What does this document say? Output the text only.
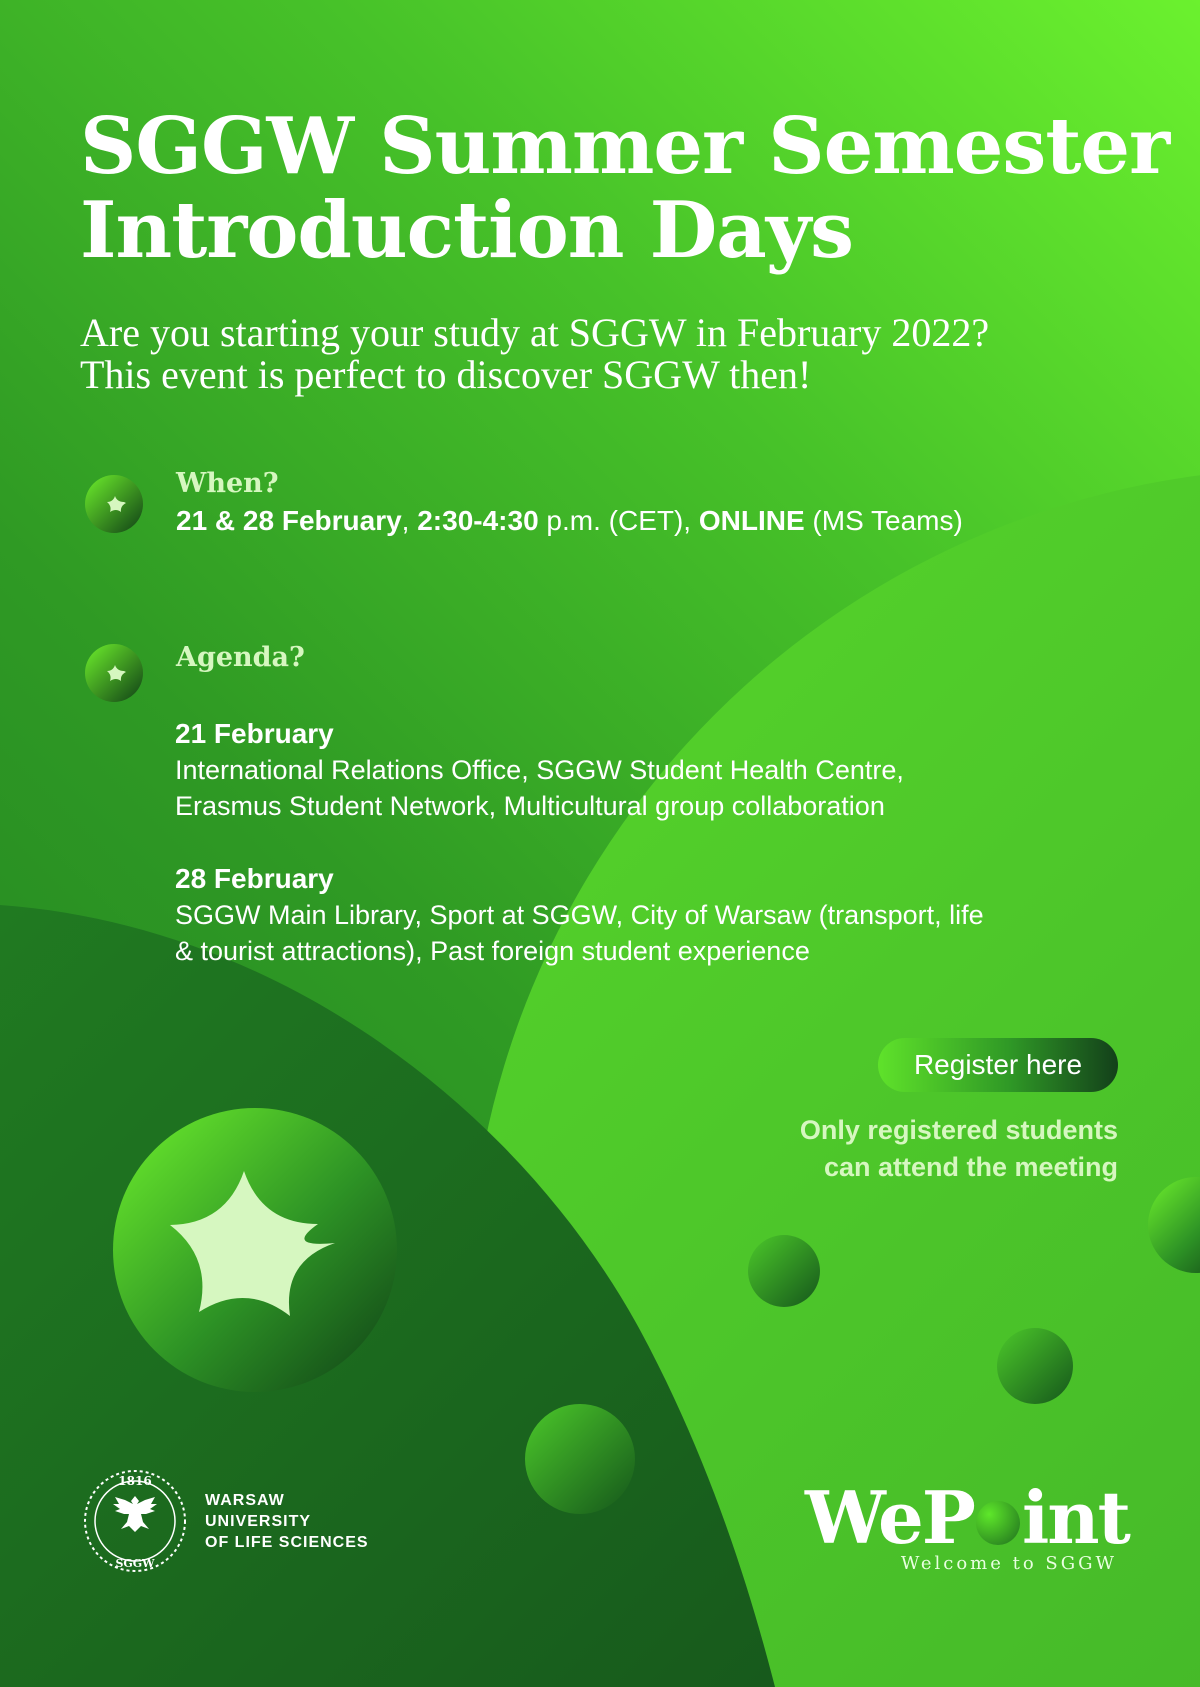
SGGW Summer Semester
Introduction Days

Are you starting your study at SGGW in February 2022?
This event is perfect to discover SGGW then!

When?
21 & 28 February, 2:30-4:30 p.m. (CET), ONLINE (MS Teams)
Agenda?
21 February
International Relations Office, SGGW Student Health Centre,
Erasmus Student Network, Multicultural group collaboration
28 February
SGGW Main Library, Sport at SGGW, City of Warsaw (transport, life
& tourist attractions), Past foreign student experience
Register here
Only registered students
can attend the meeting
1816
SGGW
WARSAW
UNIVERSITY
OF LIFE SCIENCES	WeP int
Welcome to SGGW
